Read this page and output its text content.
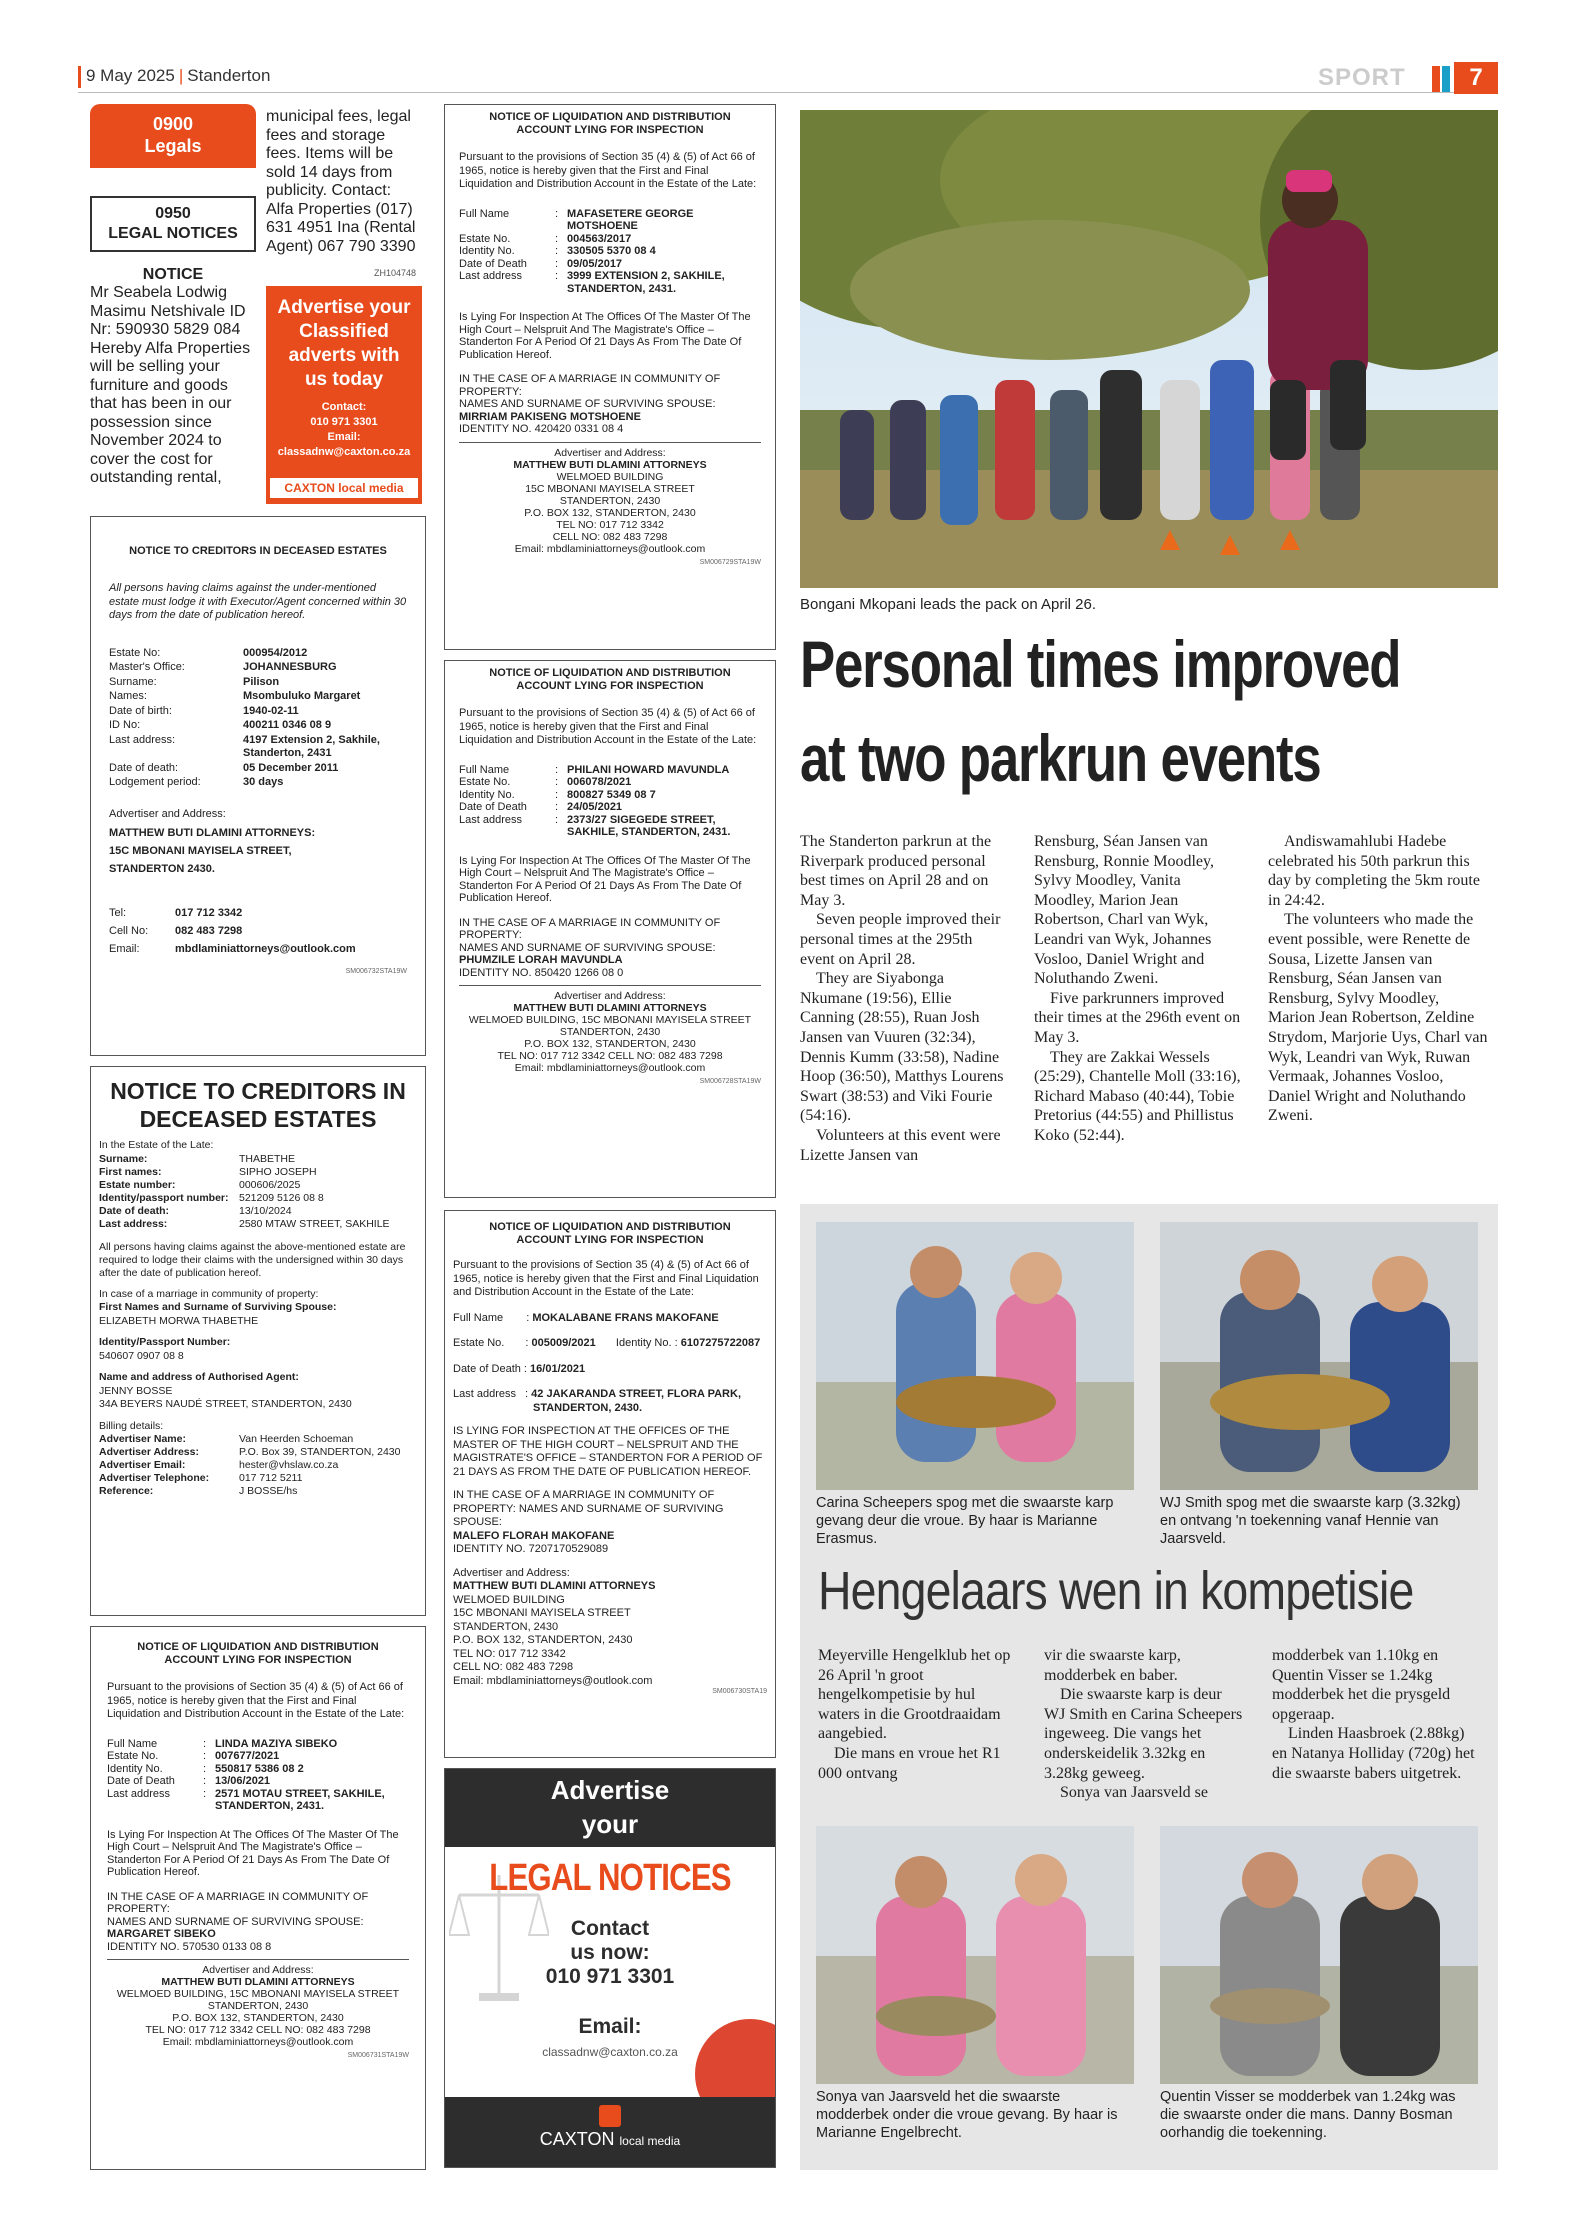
9 May 2025 | Standerton	SPORT	7
0900
Legals
0950
LEGAL NOTICES
NOTICE
Mr Seabela Lodwig Masimu Netshivale ID Nr: 590930 5829 084 Hereby Alfa Properties will be selling your furniture and goods that has been in our possession since November 2024 to cover the cost for outstanding rental,
municipal fees, legal fees and storage fees. Items will be sold 14 days from publicity. Contact: Alfa Properties (017) 631 4951 Ina (Rental Agent) 067 790 3390
ZH104748
Advertise your
Classified
adverts with
us today
Contact:
010 971 3301
Email:
classadnw@caxton.co.za
CAXTON local media
NOTICE TO CREDITORS IN DECEASED ESTATES
All persons having claims against the under-mentioned estate must lodge it with Executor/Agent concerned within 30 days from the date of publication hereof.
Estate No:	000954/2012
Master's Office:	JOHANNESBURG
Surname:	Pilison
Names:	Msombuluko Margaret
Date of birth:	1940-02-11
ID No:	400211 0346 08 9
Last address:	4197 Extension 2, Sakhile, Standerton, 2431
Date of death:	05 December 2011
Lodgement period:	30 days
Advertiser and Address:
MATTHEW BUTI DLAMINI ATTORNEYS:
15C MBONANI MAYISELA STREET,
STANDERTON 2430.
Tel:	017 712 3342
Cell No:	082 483 7298
Email:	mbdlaminiattorneys@outlook.com
SM006732STA19W
NOTICE TO CREDITORS IN DECEASED ESTATES
In the Estate of the Late:
Surname:	THABETHE
First names:	SIPHO JOSEPH
Estate number:	000606/2025
Identity/passport number: 521209 5126 08 8
Date of death:	13/10/2024
Last address:	2580 MTAW STREET, SAKHILE
All persons having claims against the above-mentioned estate are required to lodge their claims with the undersigned within 30 days after the date of publication hereof.
In case of a marriage in community of property:
First Names and Surname of Surviving Spouse:
ELIZABETH MORWA THABETHE
Identity/Passport Number:
540607 0907 08 8
Name and address of Authorised Agent:
JENNY BOSSE
34A BEYERS NAUDÉ STREET, STANDERTON, 2430
Billing details:
Advertiser Name:	Van Heerden Schoeman
Advertiser Address:	P.O. Box 39, STANDERTON, 2430
Advertiser Email:	hester@vhslaw.co.za
Advertiser Telephone:	017 712 5211
Reference:	J BOSSE/hs
NOTICE OF LIQUIDATION AND DISTRIBUTION ACCOUNT LYING FOR INSPECTION
Pursuant to the provisions of Section 35 (4) & (5) of Act 66 of 1965, notice is hereby given that the First and Final Liquidation and Distribution Account in the Estate of the Late:
Full Name	: LINDA MAZIYA SIBEKO
Estate No.	: 007677/2021
Identity No.	: 550817 5386 08 2
Date of Death	: 13/06/2021
Last address	: 2571 MOTAU STREET, SAKHILE, STANDERTON, 2431.
Is Lying For Inspection At The Offices Of The Master Of The High Court – Nelspruit And The Magistrate's Office – Standerton For A Period Of 21 Days As From The Date Of Publication Hereof.
IN THE CASE OF A MARRIAGE IN COMMUNITY OF PROPERTY:
NAMES AND SURNAME OF SURVIVING SPOUSE:
MARGARET SIBEKO
IDENTITY NO. 570530 0133 08 8
Advertiser and Address:
MATTHEW BUTI DLAMINI ATTORNEYS
WELMOED BUILDING, 15C MBONANI MAYISELA STREET
STANDERTON, 2430
P.O. BOX 132, STANDERTON, 2430
TEL NO: 017 712 3342 CELL NO: 082 483 7298
Email: mbdlaminiattorneys@outlook.com
SM006731STA19W
NOTICE OF LIQUIDATION AND DISTRIBUTION ACCOUNT LYING FOR INSPECTION
Pursuant to the provisions of Section 35 (4) & (5) of Act 66 of 1965, notice is hereby given that the First and Final Liquidation and Distribution Account in the Estate of the Late:
Full Name	: MAFASETERE GEORGE MOTSHOENE
Estate No.	: 004563/2017
Identity No.	: 330505 5370 08 4
Date of Death	: 09/05/2017
Last address	: 3999 EXTENSION 2, SAKHILE, STANDERTON, 2431.
Is Lying For Inspection At The Offices Of The Master Of The High Court – Nelspruit And The Magistrate's Office – Standerton For A Period Of 21 Days As From The Date Of Publication Hereof.
IN THE CASE OF A MARRIAGE IN COMMUNITY OF PROPERTY:
NAMES AND SURNAME OF SURVIVING SPOUSE:
MIRRIAM PAKISENG MOTSHOENE
IDENTITY NO. 420420 0331 08 4
Advertiser and Address:
MATTHEW BUTI DLAMINI ATTORNEYS
WELMOED BUILDING
15C MBONANI MAYISELA STREET
STANDERTON, 2430
P.O. BOX 132, STANDERTON, 2430
TEL NO: 017 712 3342
CELL NO: 082 483 7298
Email: mbdlaminiattorneys@outlook.com
SM006729STA19W
NOTICE OF LIQUIDATION AND DISTRIBUTION ACCOUNT LYING FOR INSPECTION
Pursuant to the provisions of Section 35 (4) & (5) of Act 66 of 1965, notice is hereby given that the First and Final Liquidation and Distribution Account in the Estate of the Late:
Full Name	: PHILANI HOWARD MAVUNDLA
Estate No.	: 006078/2021
Identity No.	: 800827 5349 08 7
Date of Death	: 24/05/2021
Last address	: 2373/27 SIGEGEDE STREET, SAKHILE, STANDERTON, 2431.
Is Lying For Inspection At The Offices Of The Master Of The High Court – Nelspruit And The Magistrate's Office – Standerton For A Period Of 21 Days As From The Date Of Publication Hereof.
IN THE CASE OF A MARRIAGE IN COMMUNITY OF PROPERTY:
NAMES AND SURNAME OF SURVIVING SPOUSE:
PHUMZILE LORAH MAVUNDLA
IDENTITY NO. 850420 1266 08 0
Advertiser and Address:
MATTHEW BUTI DLAMINI ATTORNEYS
WELMOED BUILDING, 15C MBONANI MAYISELA STREET
STANDERTON, 2430
P.O. BOX 132, STANDERTON, 2430
TEL NO: 017 712 3342 CELL NO: 082 483 7298
Email: mbdlaminiattorneys@outlook.com
SM006728STA19W
NOTICE OF LIQUIDATION AND DISTRIBUTION ACCOUNT LYING FOR INSPECTION
Pursuant to the provisions of Section 35 (4) & (5) of Act 66 of 1965, notice is hereby given that the First and Final Liquidation and Distribution Account in the Estate of the Late:
Full Name : MOKALABANE FRANS MAKOFANE
Estate No. : 005009/2021 Identity No. : 6107275722087
Date of Death : 16/01/2021
Last address : 42 JAKARANDA STREET, FLORA PARK,
STANDERTON, 2430.
IS LYING FOR INSPECTION AT THE OFFICES OF THE MASTER OF THE HIGH COURT – NELSPRUIT AND THE MAGISTRATE'S OFFICE – STANDERTON FOR A PERIOD OF 21 DAYS AS FROM THE DATE OF PUBLICATION HEREOF.
IN THE CASE OF A MARRIAGE IN COMMUNITY OF PROPERTY: NAMES AND SURNAME OF SURVIVING SPOUSE:
MALEFO FLORAH MAKOFANE
IDENTITY NO. 7207170529089
Advertiser and Address:
MATTHEW BUTI DLAMINI ATTORNEYS
WELMOED BUILDING
15C MBONANI MAYISELA STREET
STANDERTON, 2430
P.O. BOX 132, STANDERTON, 2430
TEL NO: 017 712 3342
CELL NO: 082 483 7298
Email: mbdlaminiattorneys@outlook.com
SM006730STA19
Advertise
your
LEGAL NOTICES
Contact
us now:
010 971 3301
Email:
classadnw@caxton.co.za
CAXTON local media
Bongani Mkopani leads the pack on April 26.
Personal times improved
at two parkrun events

The Standerton parkrun at the Riverpark produced personal best times on April 28 and on May 3.

Seven people improved their personal times at the 295th event on April 28.

They are Siyabonga Nkumane (19:56), Ellie Canning (28:55), Ruan Josh Jansen van Vuuren (32:34), Dennis Kumm (33:58), Nadine Hoop (36:50), Matthys Lourens Swart (38:53) and Viki Fourie (54:16).

Volunteers at this event were Lizette Jansen van

Rensburg, Séan Jansen van Rensburg, Ronnie Moodley, Sylvy Moodley, Vanita Moodley, Marion Jean Robertson, Charl van Wyk, Leandri van Wyk, Johannes Vosloo, Daniel Wright and Noluthando Zweni.

Five parkrunners improved their times at the 296th event on May 3.

They are Zakkai Wessels (25:29), Chantelle Moll (33:16), Richard Mabaso (40:44), Tobie Pretorius (44:55) and Phillistus Koko (52:44).

Andiswamahlubi Hadebe celebrated his 50th parkrun this day by completing the 5km route in 24:42.

The volunteers who made the event possible, were Renette de Sousa, Lizette Jansen van Rensburg, Séan Jansen van Rensburg, Sylvy Moodley, Marion Jean Robertson, Zeldine Strydom, Marjorie Uys, Charl van Wyk, Leandri van Wyk, Ruwan Vermaak, Johannes Vosloo, Daniel Wright and Noluthando Zweni.

Carina Scheepers spog met die swaarste karp gevang deur die vroue. By haar is Marianne Erasmus.
WJ Smith spog met die swaarste karp (3.32kg) en ontvang 'n toekenning vanaf Hennie van Jaarsveld.
Hengelaars wen in kompetisie

Meyerville Hengelklub het op 26 April 'n groot hengelkompetisie by hul waters in die Grootdraaidam aangebied.

Die mans en vroue het R1 000 ontvang

vir die swaarste karp, modderbek en baber.

Die swaarste karp is deur WJ Smith en Carina Scheepers ingeweeg. Die vangs het onderskeidelik 3.32kg en 3.28kg geweeg.

Sonya van Jaarsveld se

modderbek van 1.10kg en Quentin Visser se 1.24kg modderbek het die prysgeld opgeraap.

Linden Haasbroek (2.88kg) en Natanya Holliday (720g) het die swaarste babers uitgetrek.

Sonya van Jaarsveld het die swaarste modderbek onder die vroue gevang. By haar is Marianne Engelbrecht.
Quentin Visser se modderbek van 1.24kg was die swaarste onder die mans. Danny Bosman oorhandig die toekenning.
